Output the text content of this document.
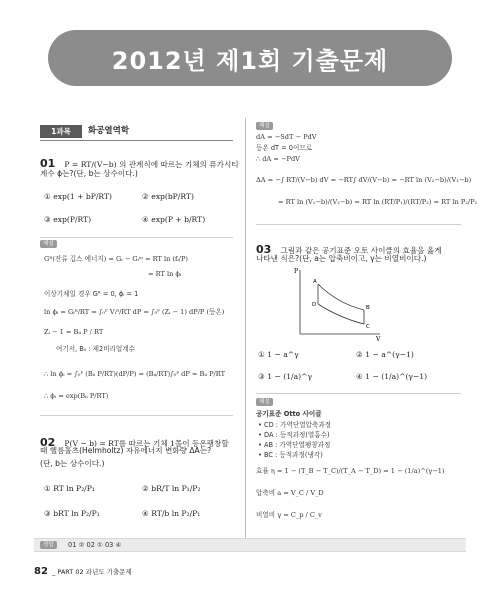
2012년 제1회 기출문제
1과목	화공열역학
01 P = RT/(V−b) 의 관계식에 따르는 기체의 퓨가시티
계수 ϕ는?(단, b는 상수이다.)
① exp(1 + bP/RT)	② exp(bP/RT)
③ exp(P/RT)	④ exp(P + b/RT)
해설
Gᴿ(잔류 깁스 에너지) = Gᵢ − Gᵢⁱᵍ = RT ln (fᵢ/P)
= RT ln ϕᵢ
이상기체일 경우 Gᴿ = 0, ϕᵢ = 1
ln ϕᵢ = Gᵢᴿ/RT = ∫₀ᴾ Vᵢᴿ/RT dP = ∫₀ᴾ (Zᵢ − 1) dP/P (등온)
Zᵢ − 1 = Bᵢᵢ P / RT
여기서, Bᵢᵢ : 제2비리얼계수
∴ ln ϕᵢ = ∫₀ᴾ (Bᵢᵢ P/RT)(dP/P) = (Bᵢᵢ/RT)∫₀ᴾ dP = Bᵢᵢ P/RT
∴ ϕᵢ = exp(Bᵢᵢ P/RT)
02 P(V − b) = RT를 따르는 기체 1몰이 등온팽창할
때 헬름홀츠(Helmholtz) 자유에너지 변화량 ΔA는?
(단, b는 상수이다.)
① RT ln P₂/P₁	② bR/T ln P₁/P₂
③ bRT ln P₂/P₁	④ RT/b ln P₂/P₁
해설
dA = −SdT − PdV
등온 dT = 0이므로
∴ dA = −PdV
ΔA = −∫ RT/(V−b) dV = −RT∫ dV/(V−b) = −RT ln (V₂−b)/(V₁−b)
= RT ln (V₁−b)/(V₂−b) = RT ln (RT/P₁)/(RT/P₂) = RT ln P₂/P₁
03 그림과 같은 공기표준 오토 사이클의 효율을 옳게
나타낸 식은?(단, a는 압축비이고, γ는 비열비이다.)
P
V
A
B
C
D
① 1 − a^γ	② 1 − a^(γ−1)
③ 1 − (1/a)^γ	④ 1 − (1/a)^(γ−1)
해설
공기표준 Otto 사이클
• CD : 가역단열압축과정
• DA : 등적과정(열흡수)
• AB : 가역단열팽창과정
• BC : 등적과정(냉각)
효율 η = 1 − (T_B − T_C)/(T_A − T_D) = 1 − (1/a)^(γ−1)
압축비 a = V_C / V_D
비열비 γ = C_p / C_v
정답	01 ② 02 ① 03 ④
82 _ PART 02 과년도 기출문제
